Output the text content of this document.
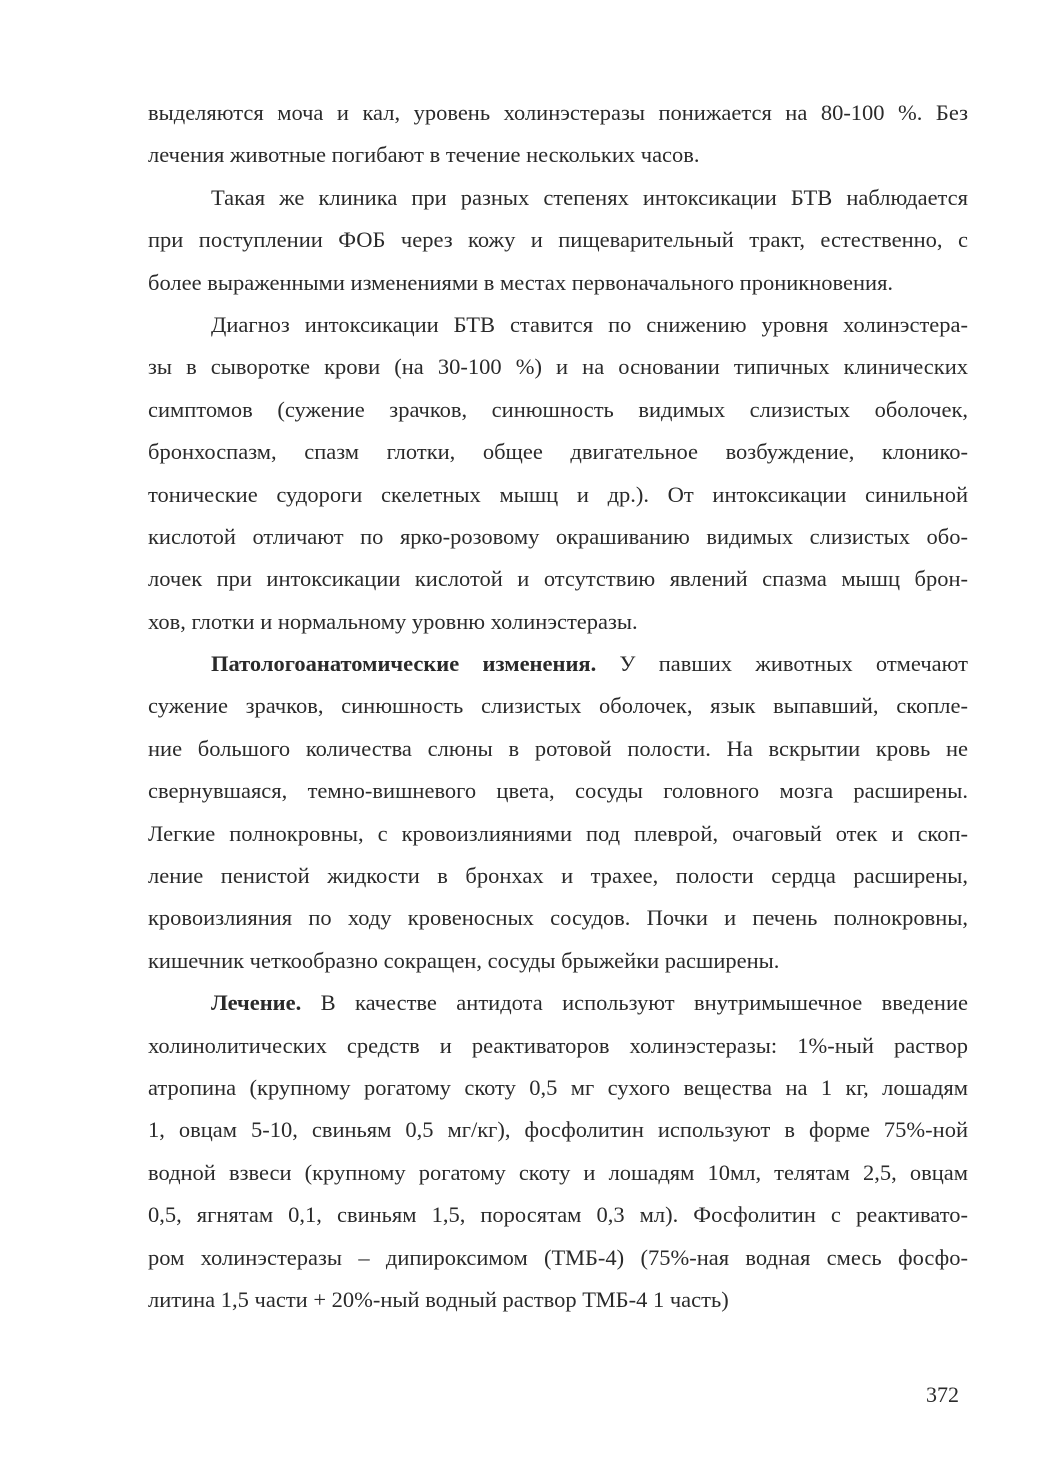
выделяются моча и кал, уровень холинэстеразы понижается на 80-100 %. Без
лечения животные погибают в течение нескольких часов.
Такая же клиника при разных степенях интоксикации БТВ наблюдается
при поступлении ФОБ через кожу и пищеварительный тракт, естественно, с
более выраженными изменениями в местах первоначального проникновения.
Диагноз интоксикации БТВ ставится по снижению уровня холинэстера-
зы в сыворотке крови (на 30-100 %) и на основании типичных клинических
симптомов (сужение зрачков, синюшность видимых слизистых оболочек,
бронхоспазм, спазм глотки, общее двигательное возбуждение, клонико-
тонические судороги скелетных мышц и др.). От интоксикации синильной
кислотой отличают по ярко-розовому окрашиванию видимых слизистых обо-
лочек при интоксикации кислотой и отсутствию явлений спазма мышц брон-
хов, глотки и нормальному уровню холинэстеразы.
Патологоанатомические изменения. У павших животных отмечают
сужение зрачков, синюшность слизистых оболочек, язык выпавший, скопле-
ние большого количества слюны в ротовой полости. На вскрытии кровь не
свернувшаяся, темно-вишневого цвета, сосуды головного мозга расширены.
Легкие полнокровны, с кровоизлияниями под плеврой, очаговый отек и скоп-
ление пенистой жидкости в бронхах и трахее, полости сердца расширены,
кровоизлияния по ходу кровеносных сосудов. Почки и печень полнокровны,
кишечник четкообразно сокращен, сосуды брыжейки расширены.
Лечение. В качестве антидота используют внутримышечное введение
холинолитических средств и реактиваторов холинэстеразы: 1%-ный раствор
атропина (крупному рогатому скоту 0,5 мг сухого вещества на 1 кг, лошадям
1, овцам 5-10, свиньям 0,5 мг/кг), фосфолитин используют в форме 75%-ной
водной взвеси (крупному рогатому скоту и лошадям 10мл, телятам 2,5, овцам
0,5, ягнятам 0,1, свиньям 1,5, поросятам 0,3 мл). Фосфолитин с реактивато-
ром холинэстеразы – дипироксимом (ТМБ-4) (75%-ная водная смесь фосфо-
литина 1,5 части + 20%-ный водный раствор ТМБ-4 1 часть)
372
